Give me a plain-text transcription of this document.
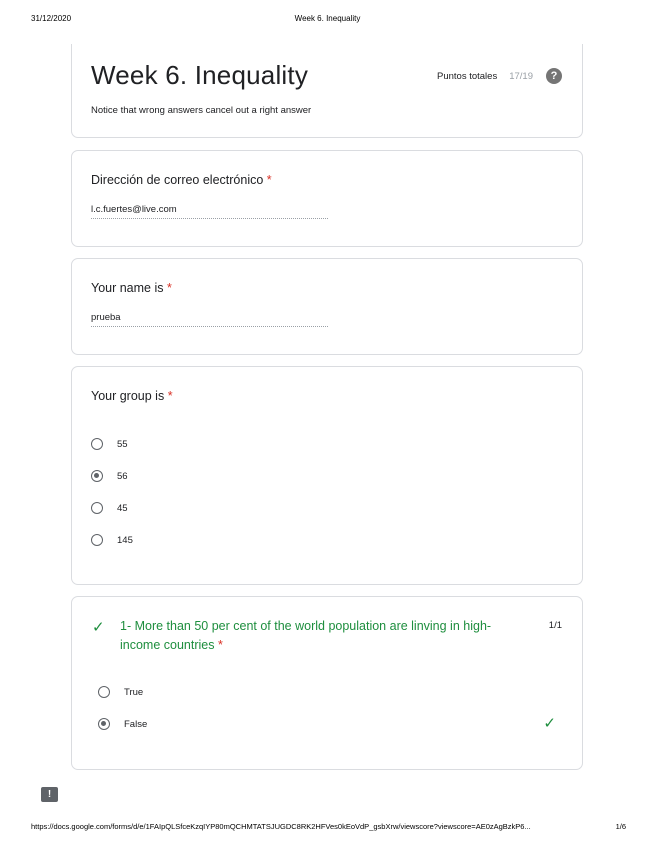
31/12/2020	Week 6. Inequality
Week 6. Inequality	Puntos totales 17/19	?
Notice that wrong answers cancel out a right answer
Dirección de correo electrónico *
l.c.fuertes@live.com
Your name is *
prueba
Your group is *
55
56
45
145
✓ 1- More than 50 per cent of the world population are linving in high-income countries *
1/1
True
False	✓
!
https://docs.google.com/forms/d/e/1FAIpQLSfceKzqIYP80mQCHMTATSJUGDC8RK2HFVes0kEoVdP_gsbXrw/viewscore?viewscore=AE0zAgBzkP6...	1/6
